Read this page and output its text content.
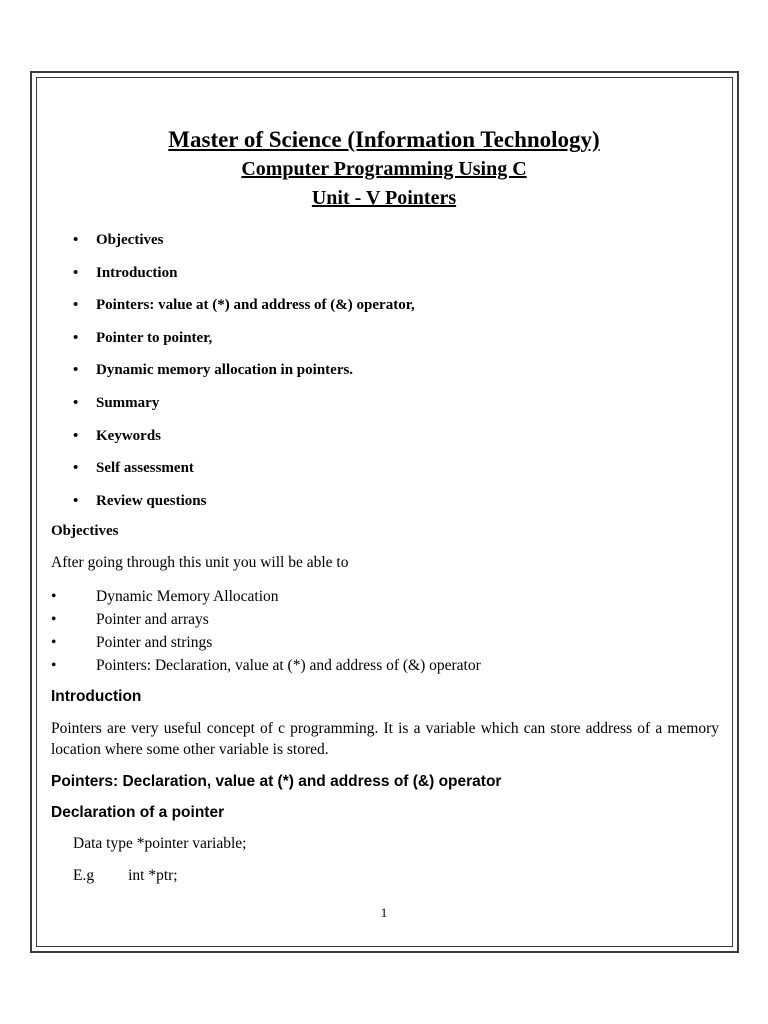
Master of Science (Information Technology)
Computer Programming Using C
Unit - V Pointers
• Objectives
• Introduction
• Pointers: value at (*) and address of (&) operator,
• Pointer to pointer,
• Dynamic memory allocation in pointers.
• Summary
• Keywords
• Self assessment
• Review questions
Objectives
After going through this unit you will be able to
•	Dynamic Memory Allocation
•	Pointer and arrays
•	Pointer and strings
•	Pointers: Declaration, value at (*) and address of (&) operator
Introduction
Pointers are very useful concept of c programming. It is a variable which can store address of a memory location where some other variable is stored.
Pointers: Declaration, value at (*) and address of (&) operator
Declaration of a pointer
Data type *pointer variable;
E.g int *ptr;
1
